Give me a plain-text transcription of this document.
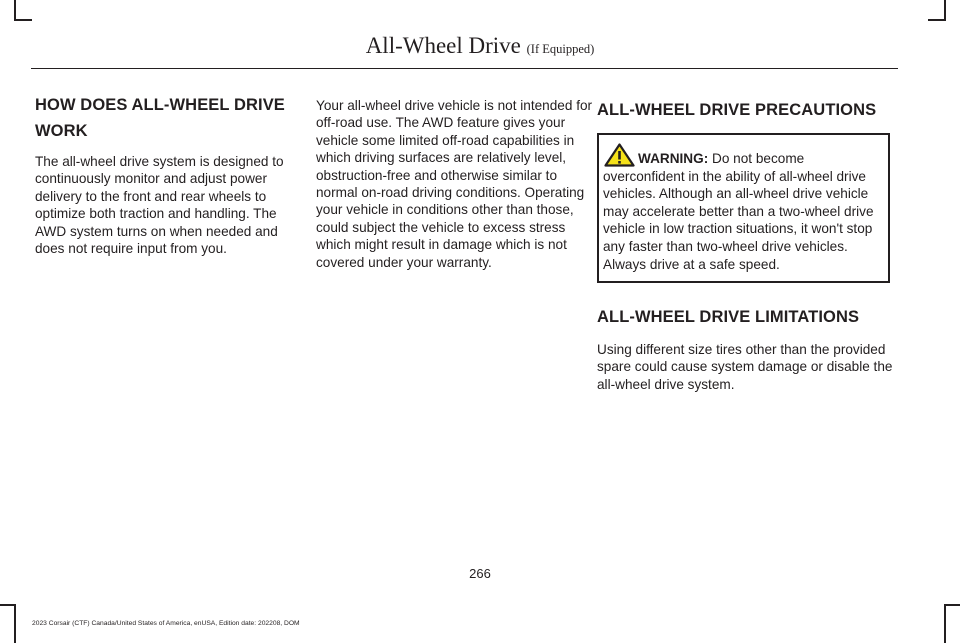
All-Wheel Drive (If Equipped)
HOW DOES ALL-WHEEL DRIVE WORK

The all-wheel drive system is designed to continuously monitor and adjust power delivery to the front and rear wheels to optimize both traction and handling. The AWD system turns on when needed and does not require input from you.

Your all-wheel drive vehicle is not intended for off-road use. The AWD feature gives your vehicle some limited off-road capabilities in which driving surfaces are relatively level, obstruction-free and otherwise similar to normal on-road driving conditions. Operating your vehicle in conditions other than those, could subject the vehicle to excess stress which might result in damage which is not covered under your warranty.

ALL-WHEEL DRIVE PRECAUTIONS

WARNING: Do not become overconfident in the ability of all-wheel drive vehicles. Although an all-wheel drive vehicle may accelerate better than a two-wheel drive vehicle in low traction situations, it won't stop any faster than two-wheel drive vehicles. Always drive at a safe speed.

ALL-WHEEL DRIVE LIMITATIONS

Using different size tires other than the provided spare could cause system damage or disable the all-wheel drive system.

266
2023 Corsair (CTF) Canada/United States of America, enUSA, Edition date: 202208, DOM
